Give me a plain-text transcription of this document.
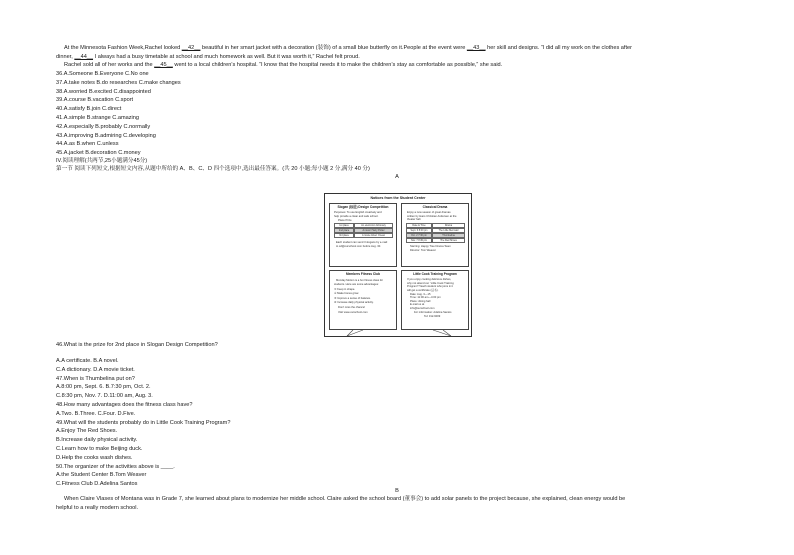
At the Minnesota Fashion Week,Rachel looked __42__ beautiful in her smart jacket with a decoration (装饰) of a small blue butterfly on it.People at the event were __43__ her skill and designs. “I did all my work on the clothes after
dinner, __44__ I always had a busy timetable at school and much homework as well. But it was worth it,” Rachel felt proud.
Rachel sold all of her works and the __45__ went to a local children’s hospital. “I know that the hospital needs it to make the children’s stay as comfortable as possible,” she said.
36.A.Someone B.Everyone C.No one
37.A.take notes B.do researches C.make changes
38.A.worried B.excited C.disappointed
39.A.course B.vacation C.sport
40.A.satisfy B.join C.direct
41.A.simple B.strange C.amazing
42.A.especially B.probably C.normally
43.A.improving B.admiring C.developing
44.A.as B.when C.unless
45.A.jacket B.decoration C.money
IV.阅读理解(共两节,25小题满分45分)
第一节 阅读下列短文,根据短文内容,从题中所给的 A、B、C、D 四个选项中,选出最佳答案。(共 20 小题;每小题 2 分,满分 40 分)
A
Notices from the Student Center
Slogan (标语) Design Competition
Purposes: To use English creatively and
help provide a clean and safe school.
Place Prize
1st place	An electronic dictionary
2nd place	A novel: Harry Potter
3rd place	A movie ticket: Ocean
Each student can send 3 slogans by e-mail
to sd@ourschool.com before Aug. 30.
Classical Drama
Enjoy a new season of great dramas
written by Hans Christian Andersen at the
theater hall.
Date & Time	Drama
Sept. 6 8:00 pm	The Little Mermaid
Oct. 2 7:30 pm	Thumbelina
Nov. 7 8:30 pm	The Red Shoes
Starring: Happy Tree Drama Team
Director: Tom Weaver
Members Fitness Club
Monday Motion is a fun fitness class for
students. Here are some advantages:
① Keep in shape.
② Make bones grow.
③ Improve a sense of balance.
④ Increase daily physical activity.
Don't miss the chance!
Visit www.ourschool.com
Little Cook Training Program
If you enjoy cooking delicious dishes,
why not attend our “Little Cook Training
Program”? Each student who joins in it
will get a certificate (证书).
Date: Aug. 3—15
Time: 11:00 am—4:00 pm
Place: dining hall
E-mail us at
info@ourschool.com
For information: Adelina Santos
Tel: 312-9009
46.What is the prize for 2nd place in Slogan Design Competition?
A.A certificate. B.A novel.
C.A dictionary. D.A movie ticket.
47.When is Thumbelina put on?
A.8:00 pm, Sept. 6. B.7:30 pm, Oct. 2.
C.8:30 pm, Nov. 7. D.11:00 am, Aug. 3.
48.How many advantages does the fitness class have?
A.Two. B.Three. C.Four. D.Five.
49.What will the students probably do in Little Cook Training Program?
A.Enjoy The Red Shoes.
B.Increase daily physical activity.
C.Learn how to make Beijing duck.
D.Help the cooks wash dishes.
50.The organizer of the activities above is ____.
A.the Student Center B.Tom Weaver
C.Fitness Club D.Adelina Santos
B
When Claire Vlases of Montana was in Grade 7, she learned about plans to modernize her middle school. Claire asked the school board (董事会) to add solar panels to the project because, she explained, clean energy would be
helpful to a really modern school.
